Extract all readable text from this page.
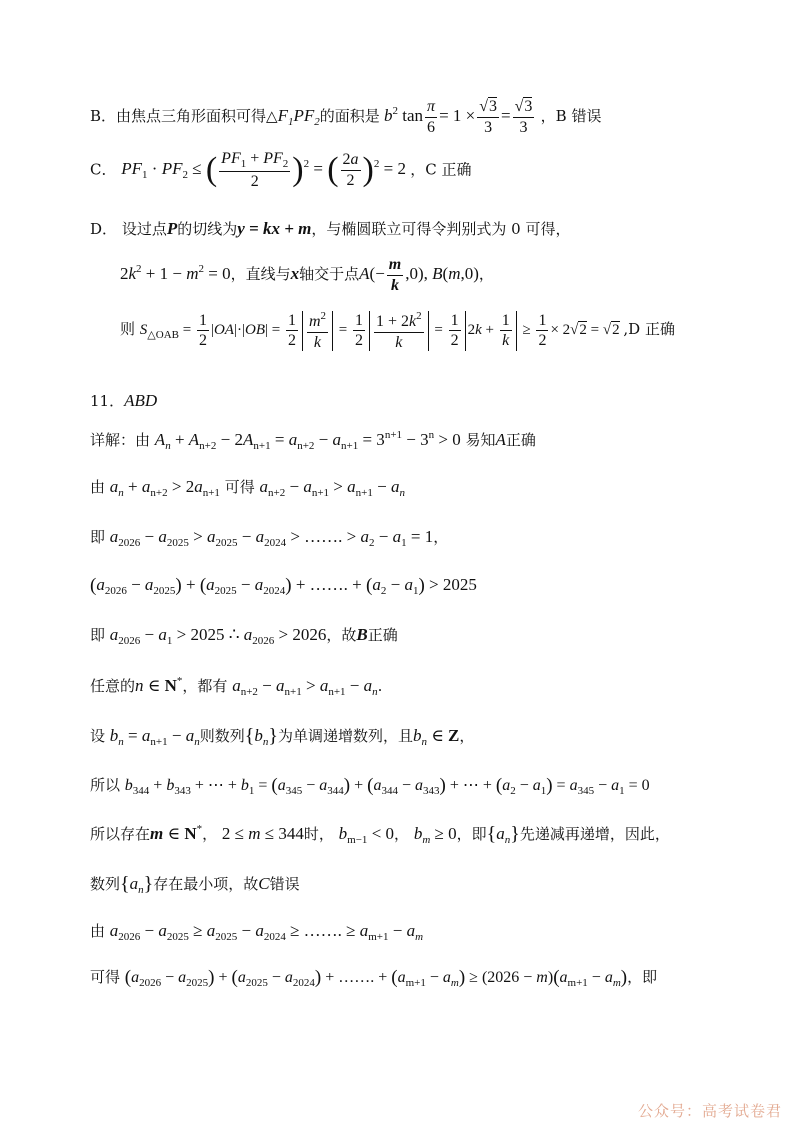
B．由焦点三角形面积可得$\triangle F_1PF_2$的面积是 $b^2$ $\tan \frac{\pi}{6} = 1 \times \frac{√3}{3} = \frac{√3}{3}$ ，B 错误
C． $PF_1 \cdot PF_2$ ≤ ( $\frac{PF_1 + PF_2}{2} )^2$ = ( $\frac{2a}{2} )^2 = 2$ ，C 正确
D． 设过点P的切线为y = kx + m，与椭圆联立可得令判别式为 0 可得，
$2k^2 + 1 - m^2 = 0$，直线与x轴交于点$A(- \frac{m}{k} ,0)$, B(m,0)，
则 $S_{\triangle OAB} = \frac{1}{2} |OA|\cdot|OB| = \frac{1}{2} \frac{m^2}{k} = \frac{1}{2} \frac{1 + 2k^2}{k} = \frac{1}{2} 2k + \frac{1}{k} \ge \frac{1}{2} \times 2√2 = √2$ ,D 正确
11．ABD
详解：由 $A_n + A_{n+2} - 2A_{n+1} = a_{n+2} - a_{n+1} = 3^{n+1} - 3^n > 0$ 易知A正确
由 $a_n + a_{n+2} > 2a_{n+1}$ 可得 $a_{n+2} - a_{n+1} > a_{n+1} - a_n$
即 $a_{2026} - a_{2025} > a_{2025} - a_{2024}$ > ……. > $a_2 - a_1 = 1$，
$(a_{2026} - a_{2025}) + (a_{2025} - a_{2024})$ + ……. + $(a_2 - a_1) > 2025$
即 $a_{2026} - a_1 > 2025$ ∴ $a_{2026} > 2026$，故B正确
任意的n ∈ N*，都有 $a_{n+2} - a_{n+1} > a_{n+1} - a_n$.
设 $b_n = a_{n+1} - a_n$则数列$\{b_n\}$为单调递增数列，且$b_n$ ∈ Z，
所以 $b_{344} + b_{343}$ + ⋯ + $b_1 = (a_{345} - a_{344}) + (a_{344} - a_{343})$ + ⋯ + $(a_2 - a_1) = a_{345} - a_1 = 0$
所以存在m ∈ N*， 2 ≤ m ≤ 344时， $b_{m-1} < 0$， $b_m \ge 0$，即$\{a_n\}$先递减再递增，因此，
数列$\{a_n\}$存在最小项，故C错误
由 $a_{2026} - a_{2025} \ge a_{2025} - a_{2024}$ ≥ ……. ≥ $a_{m+1} - a_m$
可得 $(a_{2026} - a_{2025}) + (a_{2025} - a_{2024})$ + ……. + $(a_{m+1} - a_m) \ge (2026 - m)(a_{m+1} - a_m)$，即
公众号：高考试卷君
